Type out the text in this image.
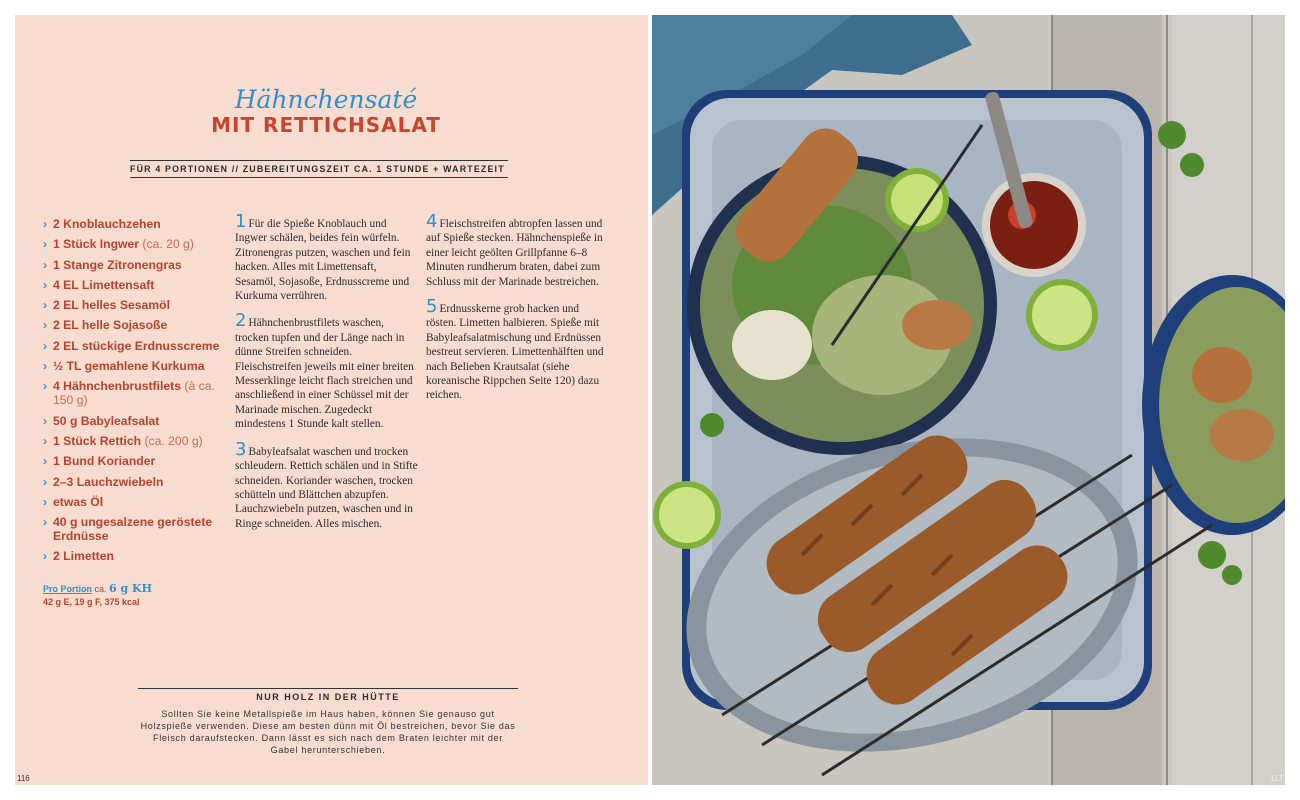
Hähnchensaté
MIT RETTICHSALAT
FÜR 4 PORTIONEN // ZUBEREITUNGSZEIT CA. 1 STUNDE + WARTEZEIT
› 2 Knoblauchzehen
› 1 Stück Ingwer (ca. 20 g)
› 1 Stange Zitronengras
› 4 EL Limettensaft
› 2 EL helles Sesamöl
› 2 EL helle Sojasoße
› 2 EL stückige Erdnusscreme
› ½ TL gemahlene Kurkuma
› 4 Hähnchenbrustfilets (à ca. 150 g)
› 50 g Babyleafsalat
› 1 Stück Rettich (ca. 200 g)
› 1 Bund Koriander
› 2–3 Lauchzwiebeln
› etwas Öl
› 40 g ungesalzene geröstete Erdnüsse
› 2 Limetten
Pro Portion ca. 6 g KH
42 g E, 19 g F, 375 kcal

1 Für die Spieße Knoblauch und Ingwer schälen, beides fein würfeln. Zitronengras putzen, waschen und fein hacken. Alles mit Limettensaft, Sesamöl, Sojasoße, Erdnusscreme und Kurkuma verrühren.

2 Hähnchenbrustfilets waschen, trocken tupfen und der Länge nach in dünne Streifen schneiden. Fleischstreifen jeweils mit einer breiten Messerklinge leicht flach streichen und anschließend in einer Schüssel mit der Marinade mischen. Zugedeckt mindestens 1 Stunde kalt stellen.

3 Babyleafsalat waschen und trocken schleudern. Rettich schälen und in Stifte schneiden. Koriander waschen, trocken schütteln und Blättchen abzupfen. Lauchzwiebeln putzen, waschen und in Ringe schneiden. Alles mischen.

4 Fleischstreifen abtropfen lassen und auf Spieße stecken. Hähnchenspieße in einer leicht geölten Grillpfanne 6–8 Minuten rundherum braten, dabei zum Schluss mit der Marinade bestreichen.

5 Erdnusskerne grob hacken und rösten. Limetten halbieren. Spieße mit Babyleafsalatmischung und Erdnüssen bestreut servieren. Limettenhälften und nach Belieben Krautsalat (siehe koreanische Rippchen Seite 120) dazu reichen.

NUR HOLZ IN DER HÜTTE
Sollten Sie keine Metallspieße im Haus haben, können Sie genauso gut Holzspieße verwenden. Diese am besten dünn mit Öl bestreichen, bevor Sie das Fleisch daraufstecken. Dann lässt es sich nach dem Braten leichter mit der Gabel herunterschieben.
116	117
